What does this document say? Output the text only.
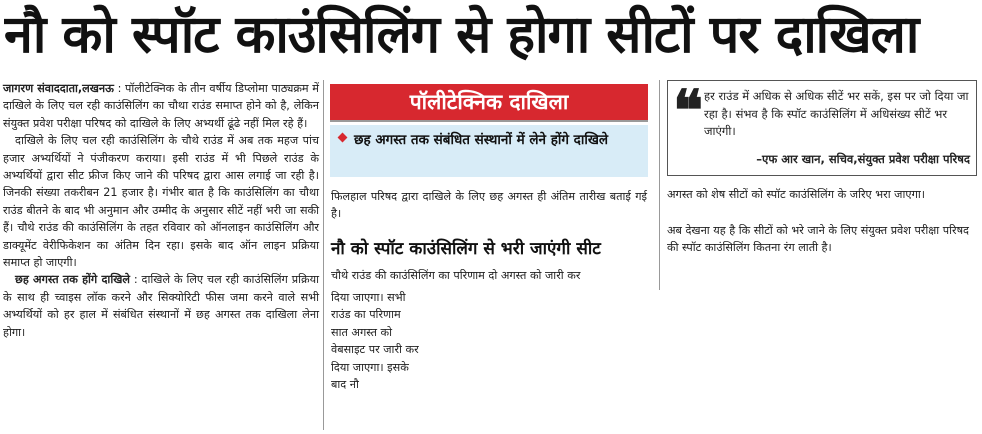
नौ को स्पॉट काउंसिलिंग से होगा सीटों पर दाखिला

जागरण संवाददाता,लखनऊ : पॉलीटेक्निक के तीन वर्षीय डिप्लोमा पाठ्यक्रम में दाखिले के लिए चल रही काउंसिलिंग का चौथा राउंड समाप्त होने को है, लेकिन संयुक्त प्रवेश परीक्षा परिषद को दाखिले के लिए अभ्यर्थी ढूंढे नहीं मिल रहे हैं।

दाखिले के लिए चल रही काउंसिलिंग के चौथे राउंड में अब तक महज पांच हजार अभ्यर्थियों ने पंजीकरण कराया। इसी राउंड में भी पिछले राउंड के अभ्यर्थियों द्वारा सीट फ्रीज किए जाने की परिषद द्वारा आस लगाई जा रही है। जिनकी संख्या तकरीबन 21 हजार है। गंभीर बात है कि काउंसिलिंग का चौथा राउंड बीतने के बाद भी अनुमान और उम्मीद के अनुसार सीटें नहीं भरी जा सकी हैं। चौथे राउंड की काउंसिलिंग के तहत रविवार को ऑनलाइन काउंसिलिंग और डाक्यूमेंट वेरीफिकेशन का अंतिम दिन रहा। इसके बाद ऑन लाइन प्रक्रिया समाप्त हो जाएगी।

छह अगस्त तक होंगे दाखिले : दाखिले के लिए चल रही काउंसिलिंग प्रक्रिया के साथ ही च्वाइस लॉक करने और सिक्योरिटी फीस जमा करने वाले सभी अभ्यर्थियों को हर हाल में संबंधित संस्थानों में छह अगस्त तक दाखिला लेना होगा।

पॉलीटेक्निक दाखिला
छह अगस्त तक संबंधित संस्थानों में लेने होंगे दाखिले

फिलहाल परिषद द्वारा दाखिले के लिए छह अगस्त ही अंतिम तारीख बताई गई है।

नौ को स्पॉट काउंसिलिंग से भरी जाएंगी सीट

चौथे राउंड की काउंसिलिंग का परिणाम दो अगस्त को जारी कर

दिया जाएगा। सभी राउंड का परिणाम सात अगस्त को वेबसाइट पर जारी कर दिया जाएगा। इसके बाद नौ

❝ हर राउंड में अधिक से अधिक सीटें भर सकें, इस पर जो दिया जा रहा है। संभव है कि स्पॉट काउंसिलिंग में अधिसंख्य सीटें भर जाएंगी।
–एफ आर खान, सचिव,संयुक्त प्रवेश परीक्षा परिषद

अगस्त को शेष सीटों को स्पॉट काउंसिलिंग के जरिए भरा जाएगा।

अब देखना यह है कि सीटों को भरे जाने के लिए संयुक्त प्रवेश परीक्षा परिषद की स्पॉट काउंसिलिंग कितना रंग लाती है।
